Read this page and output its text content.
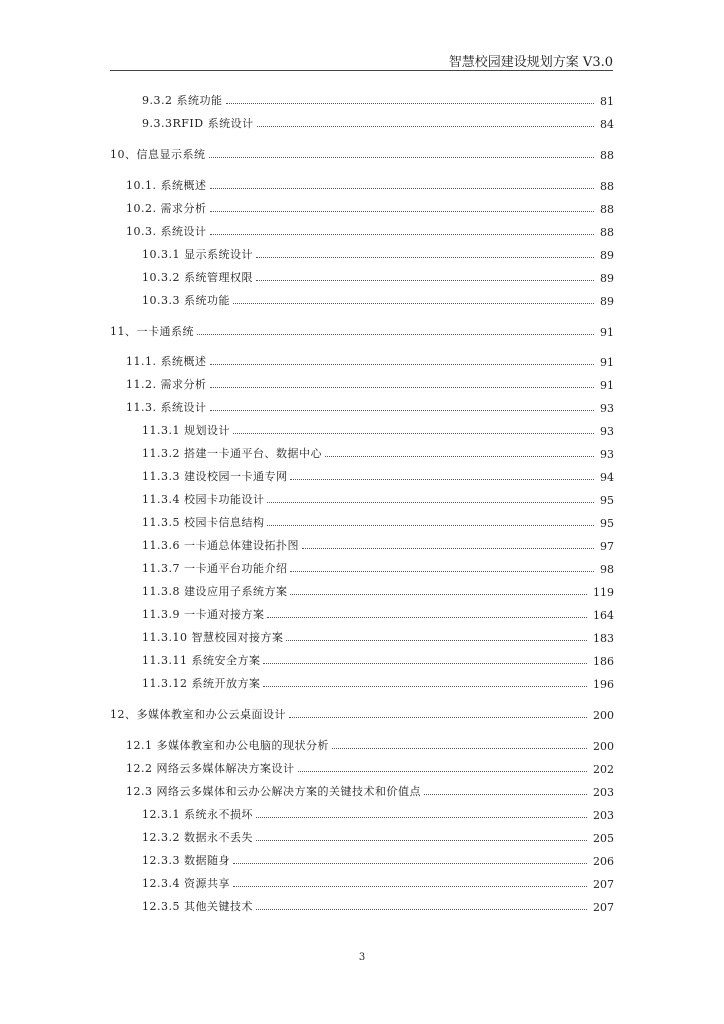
智慧校园建设规划方案 V3.0
9.3.2 系统功能	81
9.3.3RFID 系统设计	84
10、信息显示系统	88
10.1. 系统概述	88
10.2. 需求分析	88
10.3. 系统设计	88
10.3.1 显示系统设计	89
10.3.2 系统管理权限	89
10.3.3 系统功能	89
11、一卡通系统	91
11.1. 系统概述	91
11.2. 需求分析	91
11.3. 系统设计	93
11.3.1 规划设计	93
11.3.2 搭建一卡通平台、数据中心	93
11.3.3 建设校园一卡通专网	94
11.3.4 校园卡功能设计	95
11.3.5 校园卡信息结构	95
11.3.6 一卡通总体建设拓扑图	97
11.3.7 一卡通平台功能介绍	98
11.3.8 建设应用子系统方案	119
11.3.9 一卡通对接方案	164
11.3.10 智慧校园对接方案	183
11.3.11 系统安全方案	186
11.3.12 系统开放方案	196
12、多媒体教室和办公云桌面设计	200
12.1 多媒体教室和办公电脑的现状分析	200
12.2 网络云多媒体解决方案设计	202
12.3 网络云多媒体和云办公解决方案的关键技术和价值点	203
12.3.1 系统永不损坏	203
12.3.2 数据永不丢失	205
12.3.3 数据随身	206
12.3.4 资源共享	207
12.3.5 其他关键技术	207
3
